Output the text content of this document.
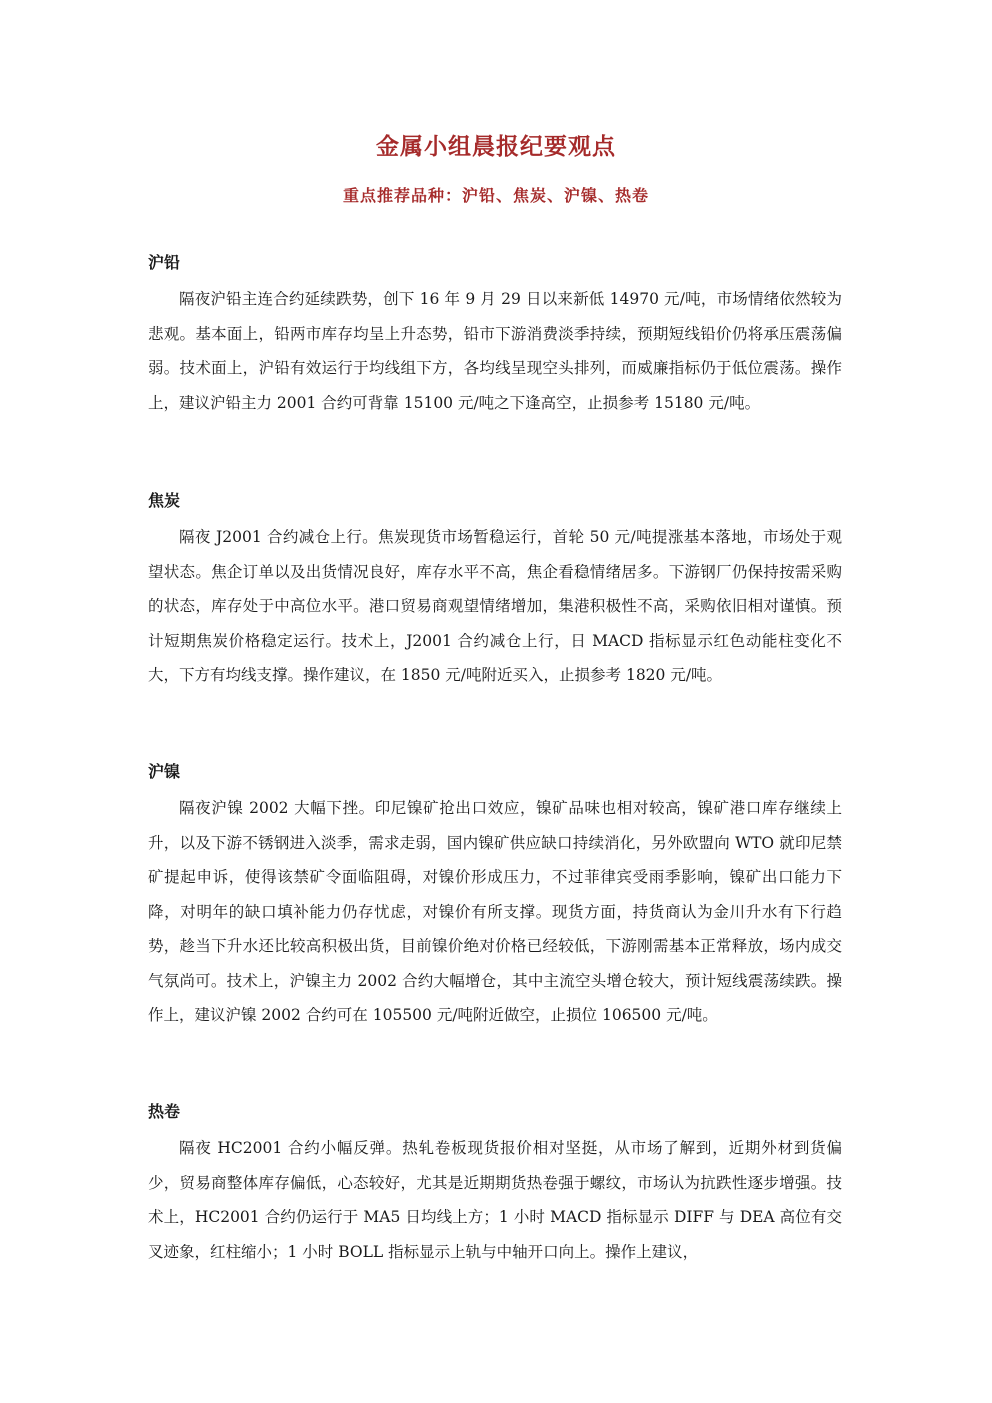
金属小组晨报纪要观点
重点推荐品种：沪铅、焦炭、沪镍、热卷
沪铅

隔夜沪铅主连合约延续跌势，创下 16 年 9 月 29 日以来新低 14970 元/吨，市场情绪依然较为悲观。基本面上，铅两市库存均呈上升态势，铅市下游消费淡季持续，预期短线铅价仍将承压震荡偏弱。技术面上，沪铅有效运行于均线组下方，各均线呈现空头排列，而威廉指标仍于低位震荡。操作上，建议沪铅主力 2001 合约可背靠 15100 元/吨之下逢高空，止损参考 15180 元/吨。

焦炭

隔夜 J2001 合约减仓上行。焦炭现货市场暂稳运行，首轮 50 元/吨提涨基本落地，市场处于观望状态。焦企订单以及出货情况良好，库存水平不高，焦企看稳情绪居多。下游钢厂仍保持按需采购的状态，库存处于中高位水平。港口贸易商观望情绪增加，集港积极性不高，采购依旧相对谨慎。预计短期焦炭价格稳定运行。技术上，J2001 合约减仓上行，日 MACD 指标显示红色动能柱变化不大，下方有均线支撑。操作建议，在 1850 元/吨附近买入，止损参考 1820 元/吨。

沪镍

隔夜沪镍 2002 大幅下挫。印尼镍矿抢出口效应，镍矿品味也相对较高，镍矿港口库存继续上升，以及下游不锈钢进入淡季，需求走弱，国内镍矿供应缺口持续消化，另外欧盟向 WTO 就印尼禁矿提起申诉，使得该禁矿令面临阻碍，对镍价形成压力，不过菲律宾受雨季影响，镍矿出口能力下降，对明年的缺口填补能力仍存忧虑，对镍价有所支撑。现货方面，持货商认为金川升水有下行趋势，趁当下升水还比较高积极出货，目前镍价绝对价格已经较低，下游刚需基本正常释放，场内成交气氛尚可。技术上，沪镍主力 2002 合约大幅增仓，其中主流空头增仓较大，预计短线震荡续跌。操作上，建议沪镍 2002 合约可在 105500 元/吨附近做空，止损位 106500 元/吨。

热卷

隔夜 HC2001 合约小幅反弹。热轧卷板现货报价相对坚挺，从市场了解到，近期外材到货偏少，贸易商整体库存偏低，心态较好，尤其是近期期货热卷强于螺纹，市场认为抗跌性逐步增强。技术上，HC2001 合约仍运行于 MA5 日均线上方；1 小时 MACD 指标显示 DIFF 与 DEA 高位有交叉迹象，红柱缩小；1 小时 BOLL 指标显示上轨与中轴开口向上。操作上建议，
